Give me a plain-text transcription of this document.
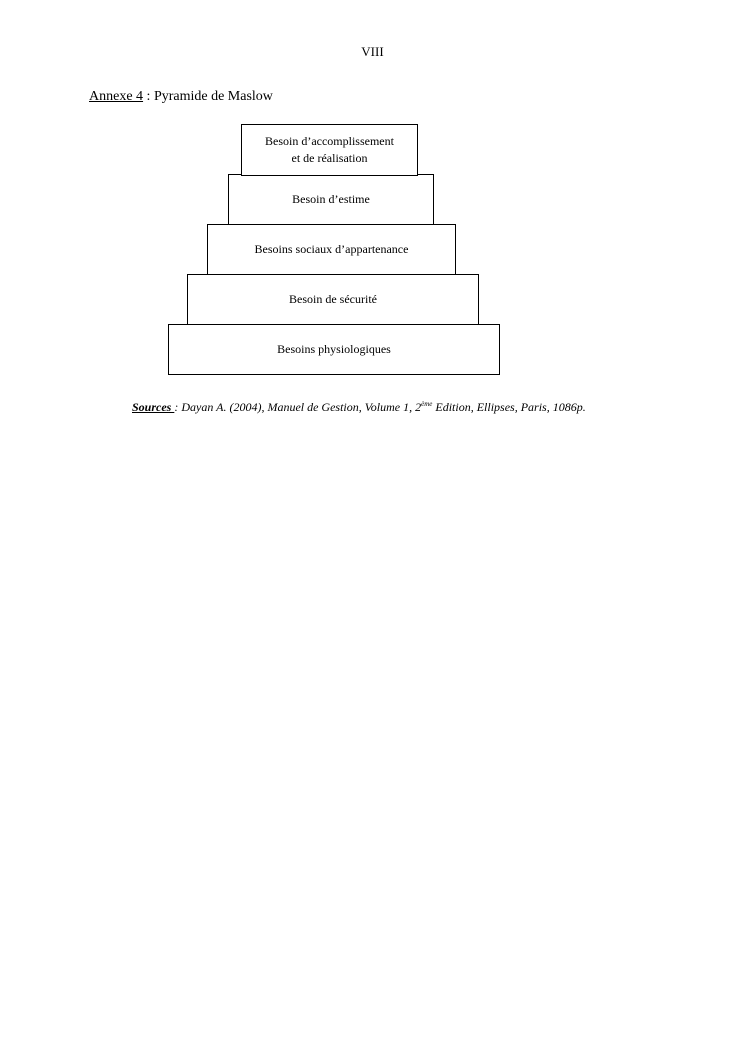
VIII
Annexe 4 : Pyramide de Maslow
Besoin d’accomplissement
et de réalisation
Besoin d’estime
Besoins sociaux d’appartenance
Besoin de sécurité
Besoins physiologiques

Sources : Dayan A. (2004), Manuel de Gestion, Volume 1, 2ème Edition, Ellipses, Paris, 1086p.
